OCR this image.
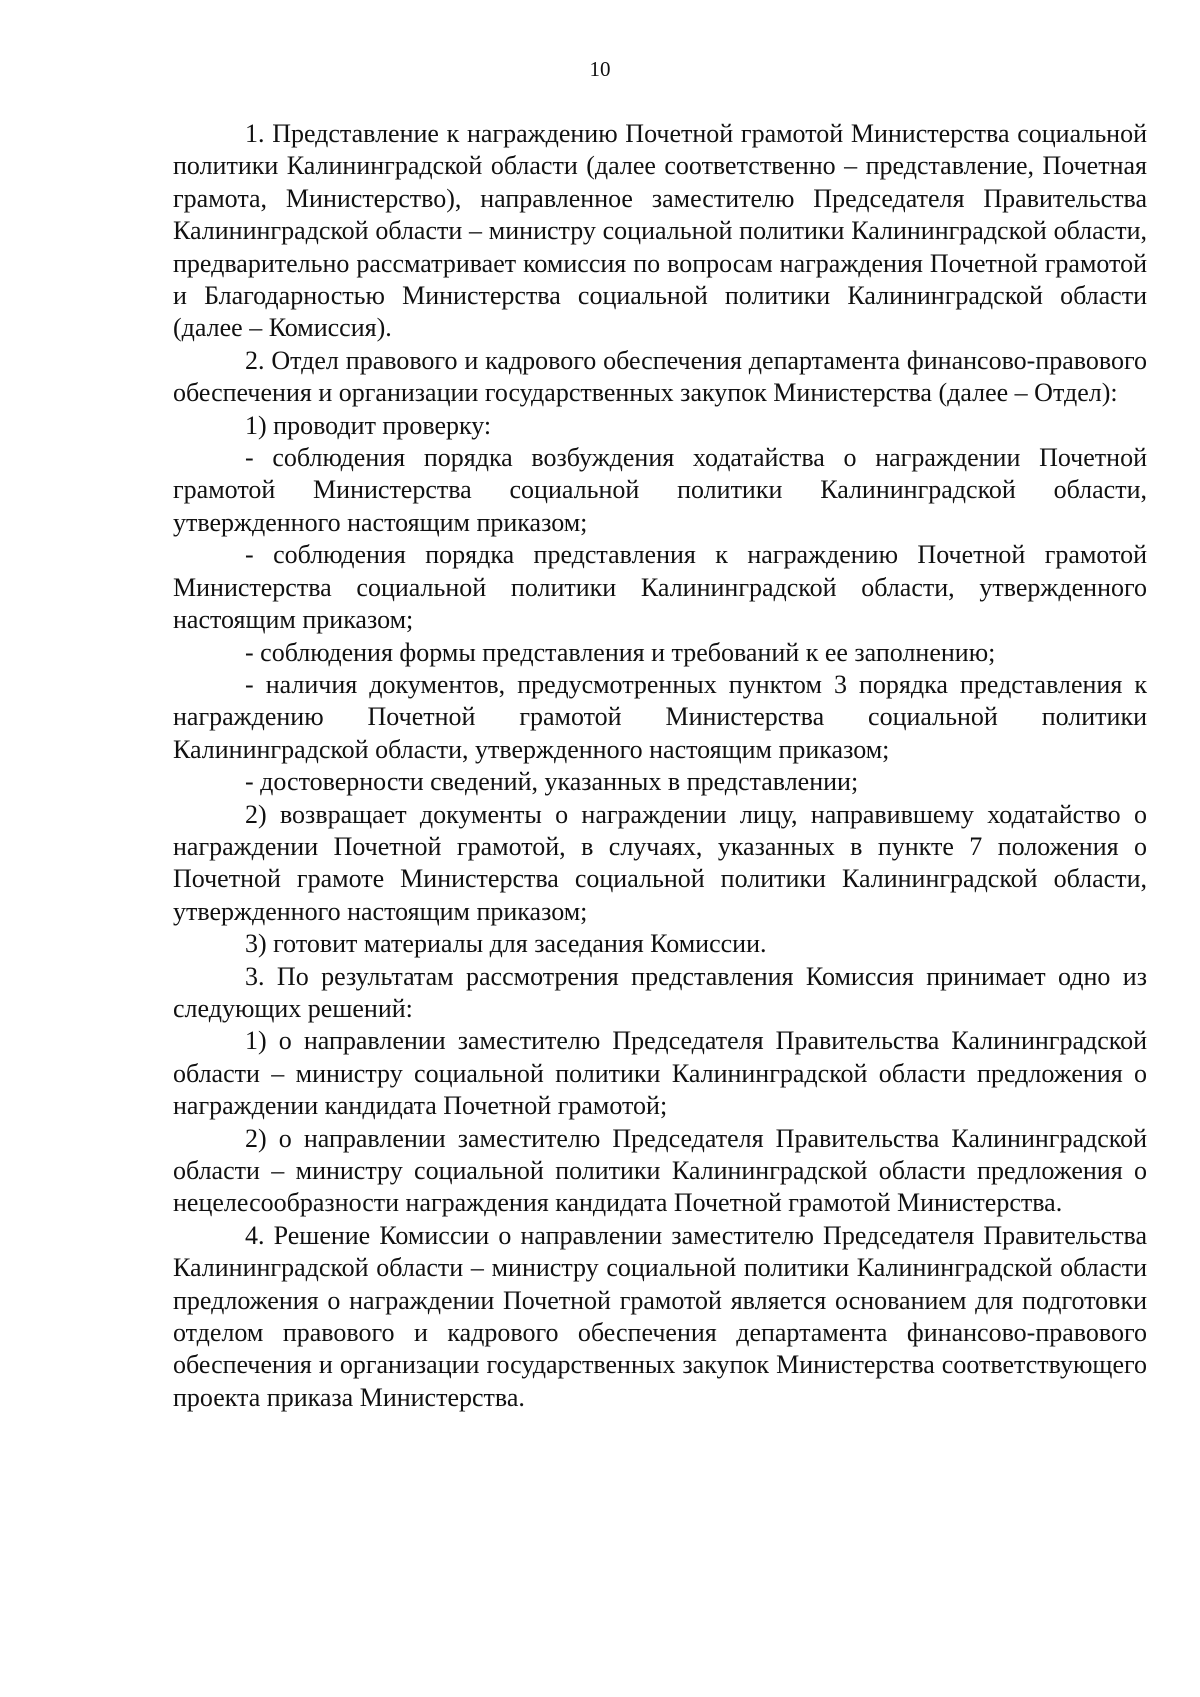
10

1. Представление к награждению Почетной грамотой Министерства социальной политики Калининградской области (далее соответственно – представление, Почетная грамота, Министерство), направленное заместителю Председателя Правительства Калининградской области – министру социальной политики Калининградской области, предварительно рассматривает комиссия по вопросам награждения Почетной грамотой и Благодарностью Министерства социальной политики Калининградской области (далее – Комиссия).

2. Отдел правового и кадрового обеспечения департамента финансово-правового обеспечения и организации государственных закупок Министерства (далее – Отдел):

1) проводит проверку:

- соблюдения порядка возбуждения ходатайства о награждении Почетной грамотой Министерства социальной политики Калининградской области, утвержденного настоящим приказом;

- соблюдения порядка представления к награждению Почетной грамотой Министерства социальной политики Калининградской области, утвержденного настоящим приказом;

- соблюдения формы представления и требований к ее заполнению;

- наличия документов, предусмотренных пунктом 3 порядка представления к награждению Почетной грамотой Министерства социальной политики Калининградской области, утвержденного настоящим приказом;

- достоверности сведений, указанных в представлении;

2) возвращает документы о награждении лицу, направившему ходатайство о награждении Почетной грамотой, в случаях, указанных в пункте 7 положения о Почетной грамоте Министерства социальной политики Калининградской области, утвержденного настоящим приказом;

3) готовит материалы для заседания Комиссии.

3. По результатам рассмотрения представления Комиссия принимает одно из следующих решений:

1) о направлении заместителю Председателя Правительства Калининградской области – министру социальной политики Калининградской области предложения о награждении кандидата Почетной грамотой;

2) о направлении заместителю Председателя Правительства Калининградской области – министру социальной политики Калининградской области предложения о нецелесообразности награждения кандидата Почетной грамотой Министерства.

4. Решение Комиссии о направлении заместителю Председателя Правительства Калининградской области – министру социальной политики Калининградской области предложения о награждении Почетной грамотой является основанием для подготовки отделом правового и кадрового обеспечения департамента финансово-правового обеспечения и организации государственных закупок Министерства соответствующего проекта приказа Министерства.
